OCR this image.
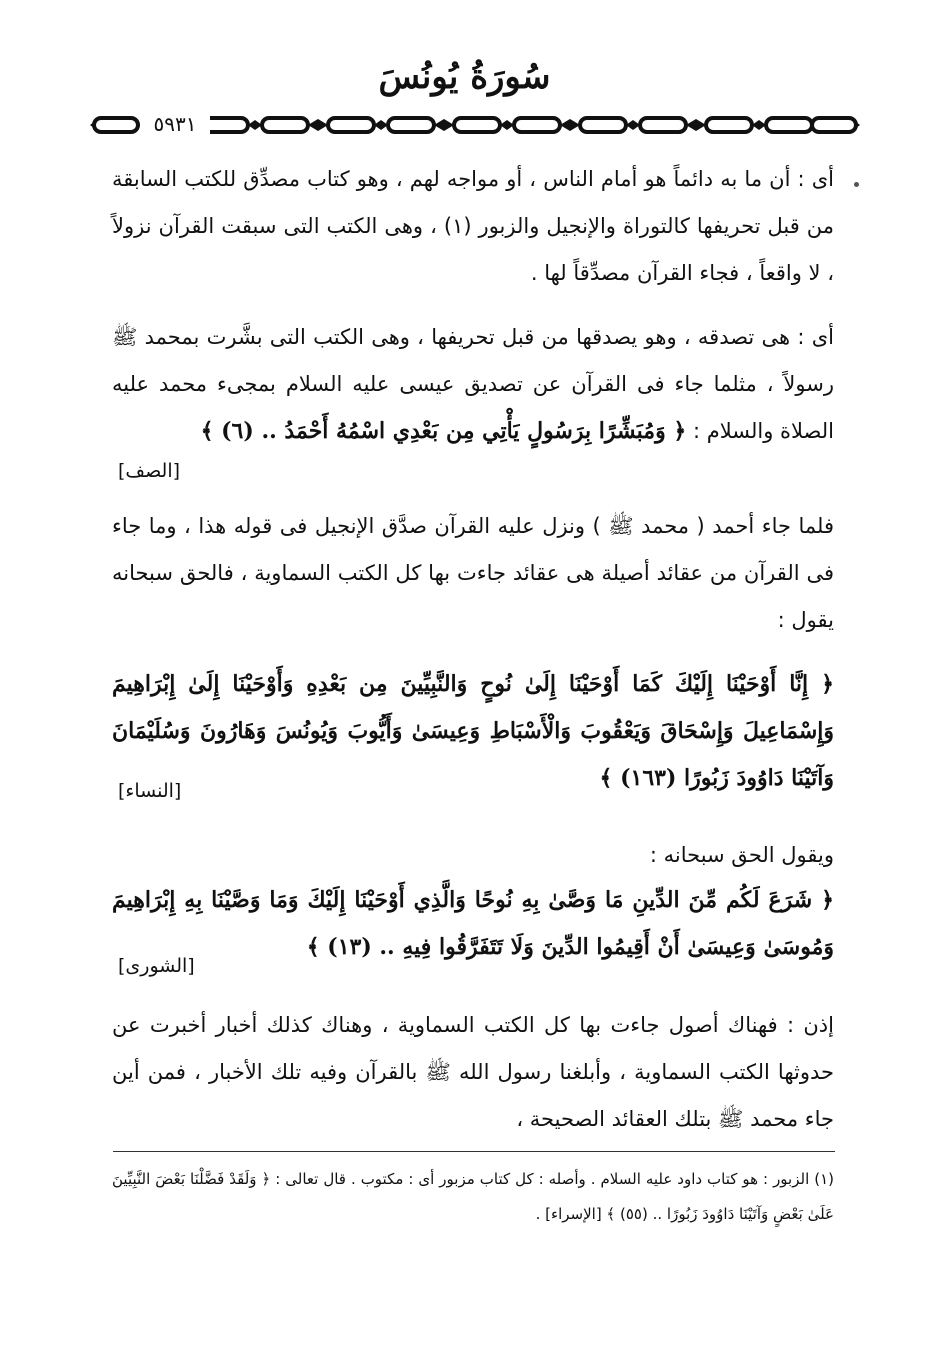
سُورَةُ يُونُسَ
٥٩٣١
أى : أن ما به دائماً هو أمام الناس ، أو مواجه لهم ، وهو كتاب مصدِّق للكتب السابقة من قبل تحريفها كالتوراة والإنجيل والزبور (١) ، وهى الكتب التى سبقت القرآن نزولاً ، لا واقعاً ، فجاء القرآن مصدِّقاً لها .
أى : هى تصدقه ، وهو يصدقها من قبل تحريفها ، وهى الكتب التى بشَّرت بمحمد ﷺ رسولاً ، مثلما جاء فى القرآن عن تصديق عيسى عليه السلام بمجىء محمد عليه الصلاة والسلام : ﴿ وَمُبَشِّرًا بِرَسُولٍ يَأْتِي مِن بَعْدِي اسْمُهُ أَحْمَدُ .. (٦) ﴾
[الصف]
فلما جاء أحمد ( محمد ﷺ ) ونزل عليه القرآن صدَّق الإنجيل فى قوله هذا ، وما جاء فى القرآن من عقائد أصيلة هى عقائد جاءت بها كل الكتب السماوية ، فالحق سبحانه يقول :
﴿ إِنَّا أَوْحَيْنَا إِلَيْكَ كَمَا أَوْحَيْنَا إِلَىٰ نُوحٍ وَالنَّبِيِّينَ مِن بَعْدِهِ وَأَوْحَيْنَا إِلَىٰ إِبْرَاهِيمَ وَإِسْمَاعِيلَ وَإِسْحَاقَ وَيَعْقُوبَ وَالْأَسْبَاطِ وَعِيسَىٰ وَأَيُّوبَ وَيُونُسَ وَهَارُونَ وَسُلَيْمَانَ وَآتَيْنَا دَاوُودَ زَبُورًا (١٦٣) ﴾
[النساء]
ويقول الحق سبحانه :
﴿ شَرَعَ لَكُم مِّنَ الدِّينِ مَا وَصَّىٰ بِهِ نُوحًا وَالَّذِي أَوْحَيْنَا إِلَيْكَ وَمَا وَصَّيْنَا بِهِ إِبْرَاهِيمَ وَمُوسَىٰ وَعِيسَىٰ أَنْ أَقِيمُوا الدِّينَ وَلَا تَتَفَرَّقُوا فِيهِ .. (١٣) ﴾
[الشورى]
إذن : فهناك أصول جاءت بها كل الكتب السماوية ، وهناك كذلك أخبار أخبرت عن حدوثها الكتب السماوية ، وأبلغنا رسول الله ﷺ بالقرآن وفيه تلك الأخبار ، فمن أين جاء محمد ﷺ بتلك العقائد الصحيحة ،
(١) الزبور : هو كتاب داود عليه السلام . وأصله : كل كتاب مزبور أى : مكتوب . قال تعالى : ﴿ وَلَقَدْ فَضَّلْنَا بَعْضَ النَّبِيِّينَ عَلَىٰ بَعْضٍ وَآتَيْنَا دَاوُودَ زَبُورًا .. (٥٥) ﴾ [الإسراء] .
